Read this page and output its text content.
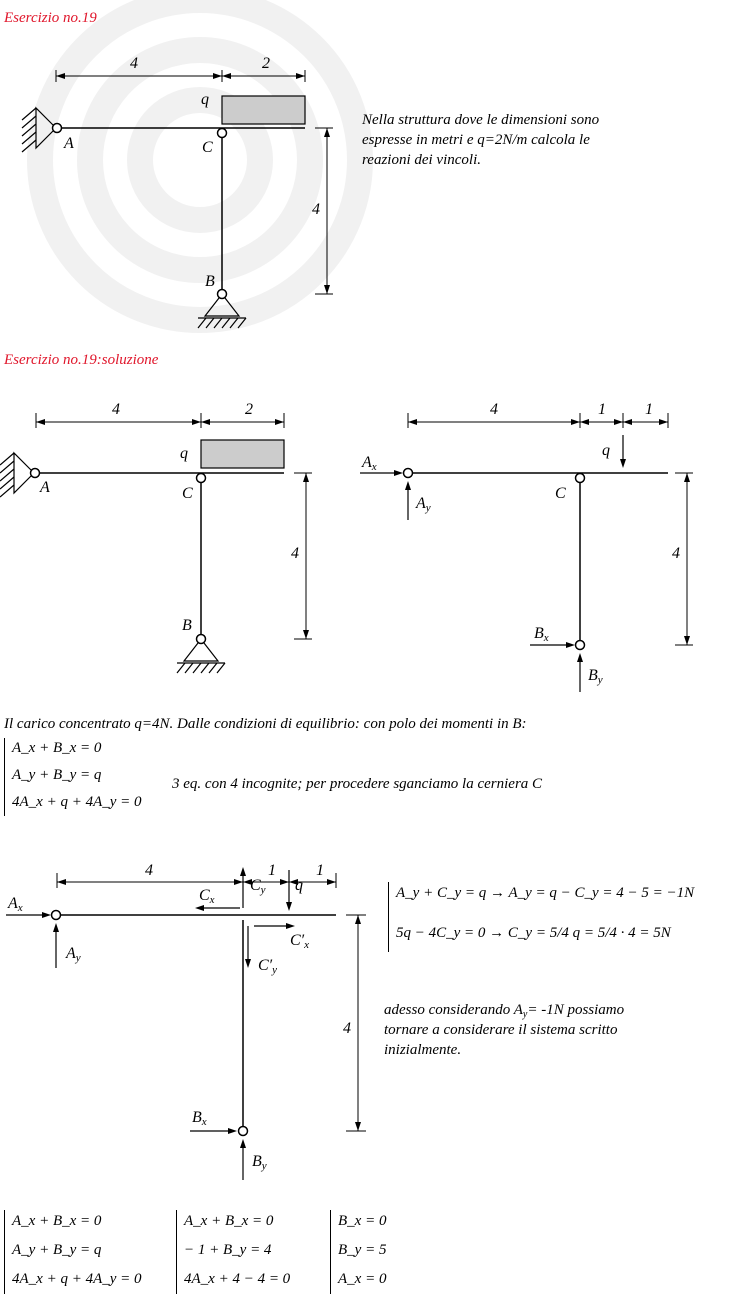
Esercizio no.19
Esercizio no.19:soluzione
Nella struttura dove le dimensioni sono
espresse in metri e q=2N/m calcola le
reazioni dei vincoli.
4	2
q
A	C
B
4
4	2
q
A	C
B
4
4	1 1
q
Ax
Ay
C
Bx
By
4
Il carico concentrato q=4N. Dalle condizioni di equilibrio: con polo dei momenti in B:
A_x + B_x = 0
A_y + B_y = q
4A_x + q + 4A_y = 0
3 eq. con 4 incognite; per procedere sganciamo la cerniera C
4	1	1
Ax
Ay
Cx
Cy q
C′x
C′y
Bx
By
4
A_y + C_y = q → A_y = q − C_y = 4 − 5 = −1N
5q − 4C_y = 0 → C_y = 5/4 q = 5/4 · 4 = 5N
adesso considerando $A_y= -1N$ possiamo
tornare a considerare il sistema scritto
inizialmente.
A_x + B_x = 0
A_y + B_y = q
4A_x + q + 4A_y = 0
A_x + B_x = 0
− 1 + B_y = 4
4A_x + 4 − 4 = 0
B_x = 0
B_y = 5
A_x = 0
